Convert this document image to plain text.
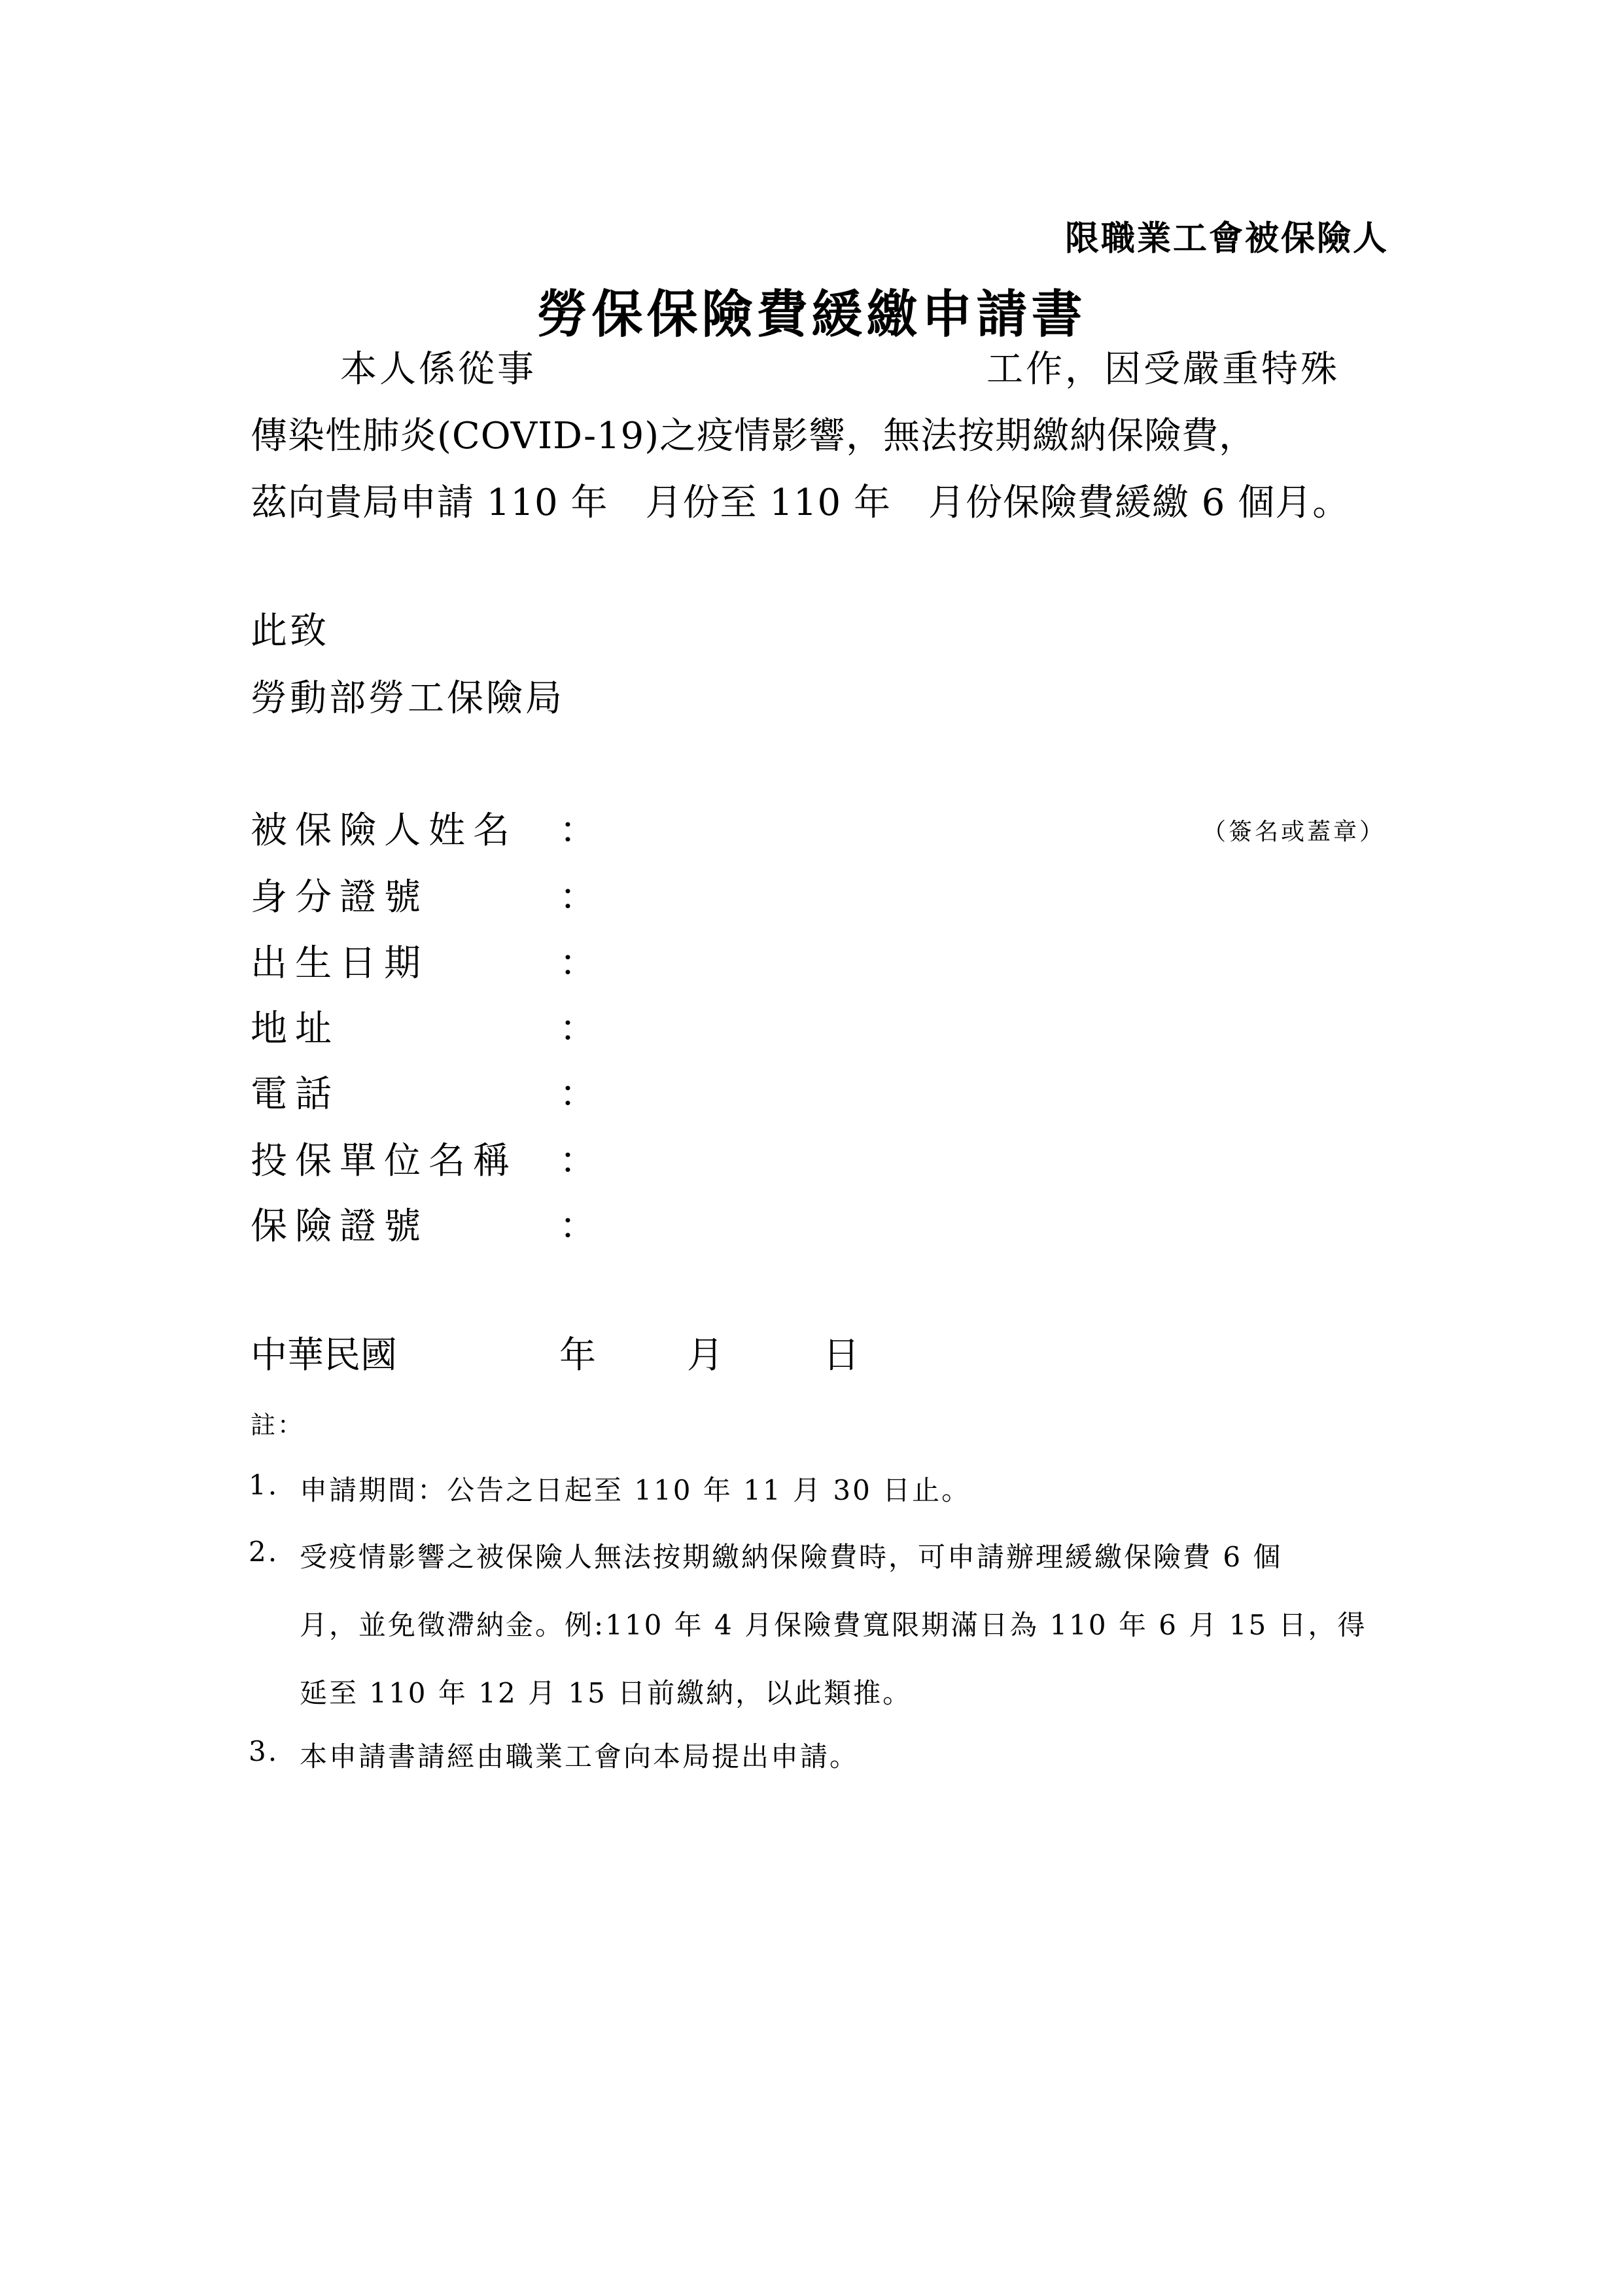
限職業工會被保險人
勞保保險費緩繳申請書
本人係從事	工作，因受嚴重特殊
傳染性肺炎(COVID-19)之疫情影響，無法按期繳納保險費，
茲向貴局申請 110 年　月份至 110 年　月份保險費緩繳 6 個月。
此致
勞動部勞工保險局
被保險人姓名 ：	（簽名或蓋章）
身分證號	：
出生日期	：
地址	：
電話	：
投保單位名稱 ：
保險證號	：
中華民國	年 月	日
註：
1. 申請期間：公告之日起至 110 年 11 月 30 日止。
2. 受疫情影響之被保險人無法按期繳納保險費時，可申請辦理緩繳保險費 6 個
月，並免徵滯納金。例:110 年 4 月保險費寬限期滿日為 110 年 6 月 15 日，得
延至 110 年 12 月 15 日前繳納，以此類推。
3. 本申請書請經由職業工會向本局提出申請。
